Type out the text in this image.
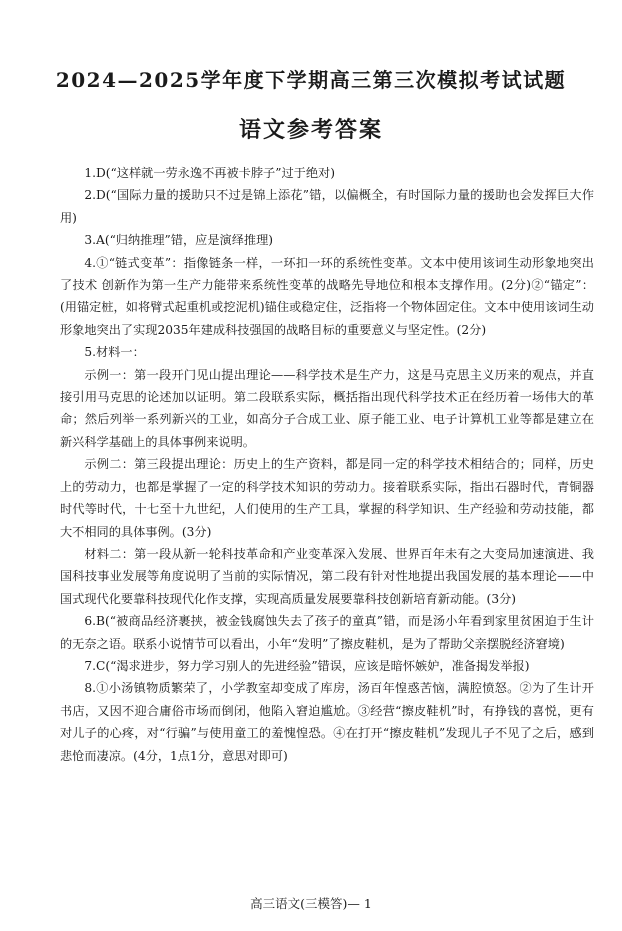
2024—2025学年度下学期高三第三次模拟考试试题
语文参考答案

1.D(“这样就一劳永逸不再被卡脖子”过于绝对)

2.D(“国际力量的援助只不过是锦上添花”错，以偏概全，有时国际力量的援助也会发挥巨大作用)

3.A(“归纳推理”错，应是演绎推理)

4.①“链式变革”：指像链条一样，一环扣一环的系统性变革。文本中使用该词生动形象地突出了技术 创新作为第一生产力能带来系统性变革的战略先导地位和根本支撑作用。(2分)②“锚定”：(用锚定桩，如将臂式起重机或挖泥机)锚住或稳定住，泛指将一个物体固定住。文本中使用该词生动形象地突出了实现2035年建成科技强国的战略目标的重要意义与坚定性。(2分)

5.材料一：

示例一：第一段开门见山提出理论——科学技术是生产力，这是马克思主义历来的观点，并直接引用马克思的论述加以证明。第二段联系实际，概括指出现代科学技术正在经历着一场伟大的革命；然后列举一系列新兴的工业，如高分子合成工业、原子能工业、电子计算机工业等都是建立在新兴科学基础上的具体事例来说明。

示例二：第三段提出理论：历史上的生产资料，都是同一定的科学技术相结合的；同样，历史上的劳动力，也都是掌握了一定的科学技术知识的劳动力。接着联系实际，指出石器时代，青铜器时代等时代，十七至十九世纪，人们使用的生产工具，掌握的科学知识、生产经验和劳动技能，都大不相同的具体事例。(3分)

材料二：第一段从新一轮科技革命和产业变革深入发展、世界百年未有之大变局加速演进、我国科技事业发展等角度说明了当前的实际情况，第二段有针对性地提出我国发展的基本理论——中国式现代化要靠科技现代化作支撑，实现高质量发展要靠科技创新培育新动能。(3分)

6.B(“被商品经济裹挟，被金钱腐蚀失去了孩子的童真”错，而是汤小年看到家里贫困迫于生计的无奈之语。联系小说情节可以看出，小年“发明”了擦皮鞋机，是为了帮助父亲摆脱经济窘境)

7.C(“渴求进步，努力学习别人的先进经验”错误，应该是暗怀嫉妒，准备揭发举报)

8.①小汤镇物质繁荣了，小学教室却变成了库房，汤百年惶惑苦恼，满腔愤怒。②为了生计开书店，又因不迎合庸俗市场而倒闭，他陷入窘迫尴尬。③经营“擦皮鞋机”时，有挣钱的喜悦，更有对儿子的心疼，对“行骗”与使用童工的羞愧惶恐。④在打开“擦皮鞋机”发现儿子不见了之后，感到悲怆而凄凉。(4分，1点1分，意思对即可)

高三语文(三模答)— 1
